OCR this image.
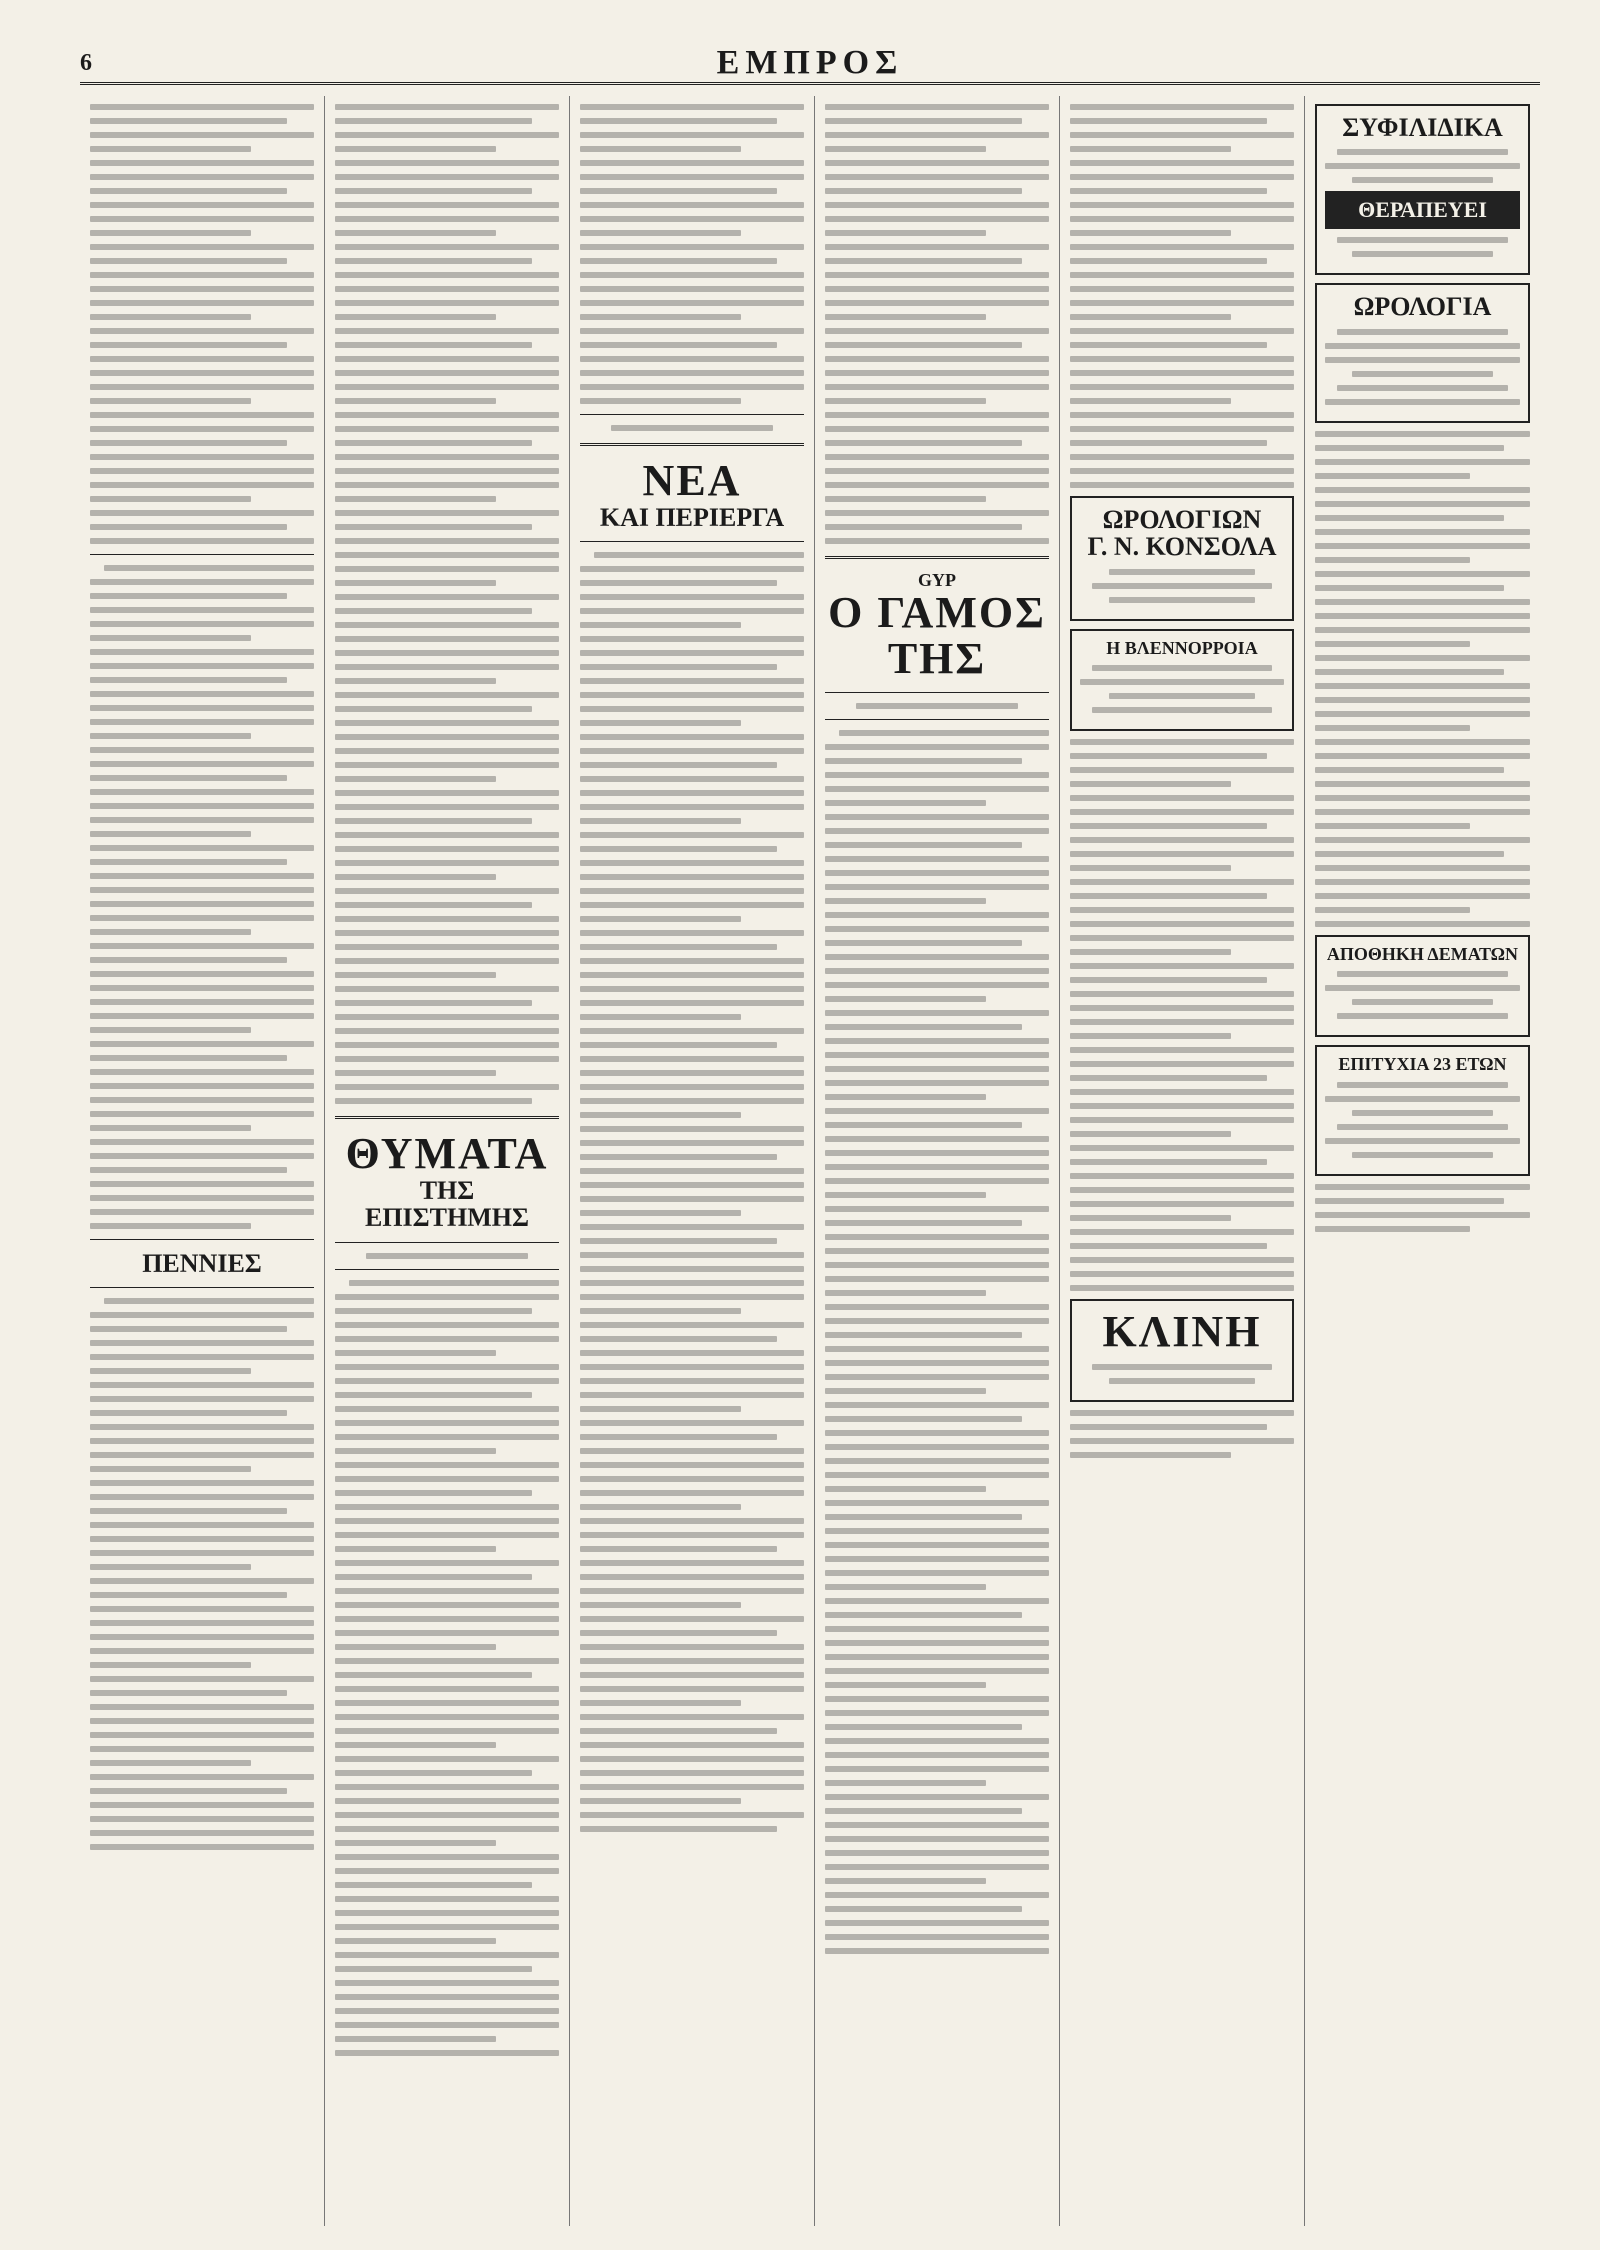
6	ΕΜΠΡΟΣ
ΠΕΝΝΙΕΣ
ΘΥΜΑΤΑ
ΤΗΣ ΕΠΙΣΤΗΜΗΣ
ΝΕΑ
ΚΑΙ ΠΕΡΙΕΡΓΑ
GYP
Ο ΓΑΜΟΣ ΤΗΣ
ΩΡΟΛΟΓΙΩΝ
Γ. Ν. ΚΟΝΣΟΛΑ
Η ΒΛΕΝΝΟΡΡΟΙΑ
ΚΛΙΝΗ
ΣΥΦΙΛΙΔΙΚΑ
ΘΕΡΑΠΕΥΕΙ
ΩΡΟΛΟΓΙΑ
ΑΠΟΘΗΚΗ ΔΕΜΑΤΩΝ
ΕΠΙΤΥΧΙΑ 23 ΕΤΩΝ
